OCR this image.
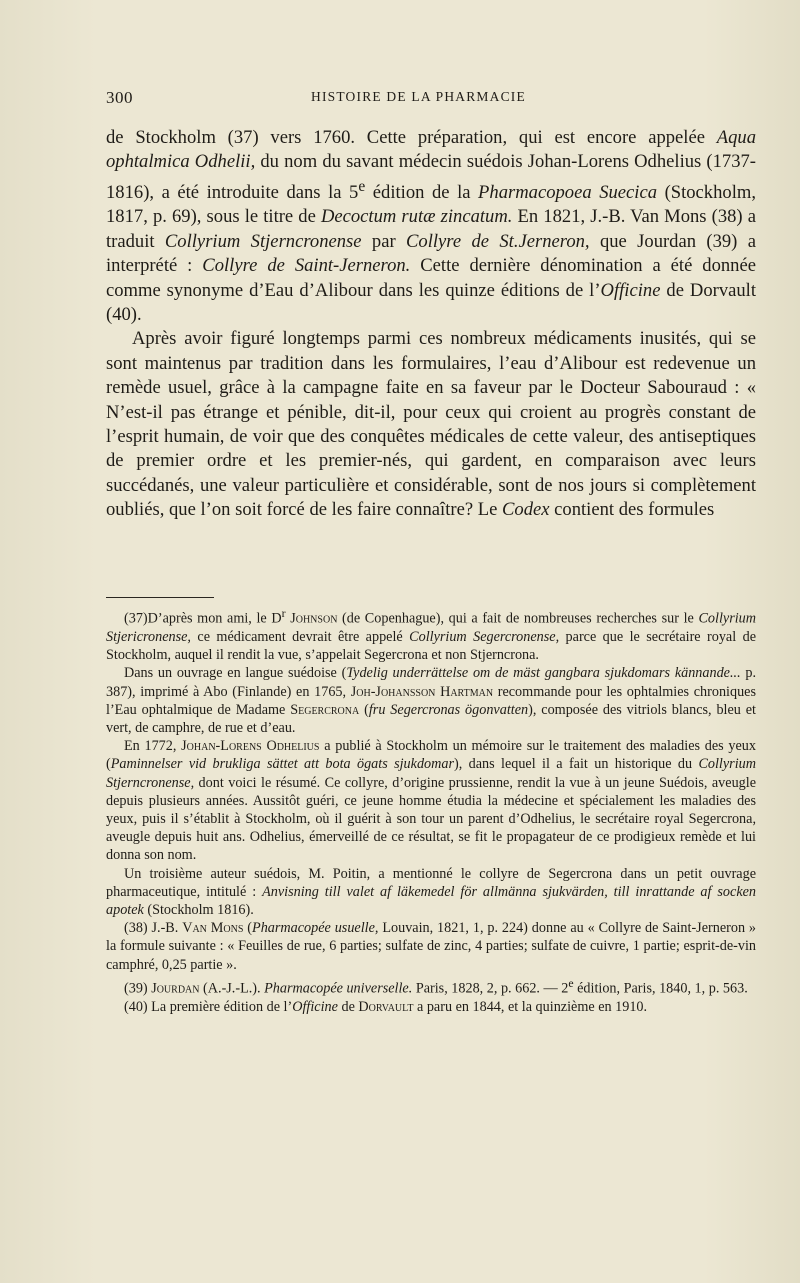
300	HISTOIRE DE LA PHARMACIE

de Stockholm (37) vers 1760. Cette préparation, qui est encore appelée Aqua ophtalmica Odhelii, du nom du savant médecin suédois Johan-Lorens Odhelius (1737-1816), a été introduite dans la 5e édition de la Pharmacopoea Suecica (Stockholm, 1817, p. 69), sous le titre de Decoctum rutæ zincatum. En 1821, J.-B. Van Mons (38) a traduit Collyrium Stjerncronense par Collyre de St.Jerneron, que Jourdan (39) a interprété : Collyre de Saint-Jerneron. Cette dernière dénomination a été donnée comme synonyme d’Eau d’Alibour dans les quinze éditions de l’Officine de Dorvault (40).

Après avoir figuré longtemps parmi ces nombreux médicaments inusités, qui se sont maintenus par tradition dans les formulaires, l’eau d’Alibour est redevenue un remède usuel, grâce à la campagne faite en sa faveur par le Docteur Sabouraud : « N’est-il pas étrange et pénible, dit-il, pour ceux qui croient au progrès constant de l’esprit humain, de voir que des conquêtes médicales de cette valeur, des antiseptiques de premier ordre et les premier-nés, qui gardent, en comparaison avec leurs succédanés, une valeur particulière et considérable, sont de nos jours si complètement oubliés, que l’on soit forcé de les faire connaître? Le Codex contient des formules

(37)D’après mon ami, le $D^r$ Johnson (de Copenhague), qui a fait de nombreuses recherches sur le Collyrium Stjericronense, ce médicament devrait être appelé Collyrium Segercronense, parce que le secrétaire royal de Stockholm, auquel il rendit la vue, s’appelait Segercrona et non Stjerncrona.

Dans un ouvrage en langue suédoise (Tydelig underrättelse om de mäst gangbara sjukdomars kännande... p. 387), imprimé à Abo (Finlande) en 1765, Joh-Johansson Hartman recommande pour les ophtalmies chroniques l’Eau ophtalmique de Madame Segercrona (fru Segercronas ögonvatten), composée des vitriols blancs, bleu et vert, de camphre, de rue et d’eau.

En 1772, Johan-Lorens Odhelius a publié à Stockholm un mémoire sur le traitement des maladies des yeux (Paminnelser vid brukliga sättet att bota ögats sjukdomar), dans lequel il a fait un historique du Collyrium Stjerncronense, dont voici le résumé. Ce collyre, d’origine prussienne, rendit la vue à un jeune Suédois, aveugle depuis plusieurs années. Aussitôt guéri, ce jeune homme étudia la médecine et spécialement les maladies des yeux, puis il s’établit à Stockholm, où il guérit à son tour un parent d’Odhelius, le secrétaire royal Segercrona, aveugle depuis huit ans. Odhelius, émerveillé de ce résultat, se fit le propagateur de ce prodigieux remède et lui donna son nom.

Un troisième auteur suédois, M. Poitin, a mentionné le collyre de Segercrona dans un petit ouvrage pharmaceutique, intitulé : Anvisning till valet af läkemedel för allmänna sjukvärden, till inrattande af socken apotek (Stockholm 1816).

(38) J.-B. Van Mons (Pharmacopée usuelle, Louvain, 1821, 1, p. 224) donne au « Collyre de Saint-Jerneron » la formule suivante : « Feuilles de rue, 6 parties; sulfate de zinc, 4 parties; sulfate de cuivre, 1 partie; esprit-de-vin camphré, 0,25 partie ».

(39) Jourdan (A.-J.-L.). Pharmacopée universelle. Paris, 1828, 2, p. 662. — 2e édition, Paris, 1840, 1, p. 563.

(40) La première édition de l’Officine de Dorvault a paru en 1844, et la quinzième en 1910.
